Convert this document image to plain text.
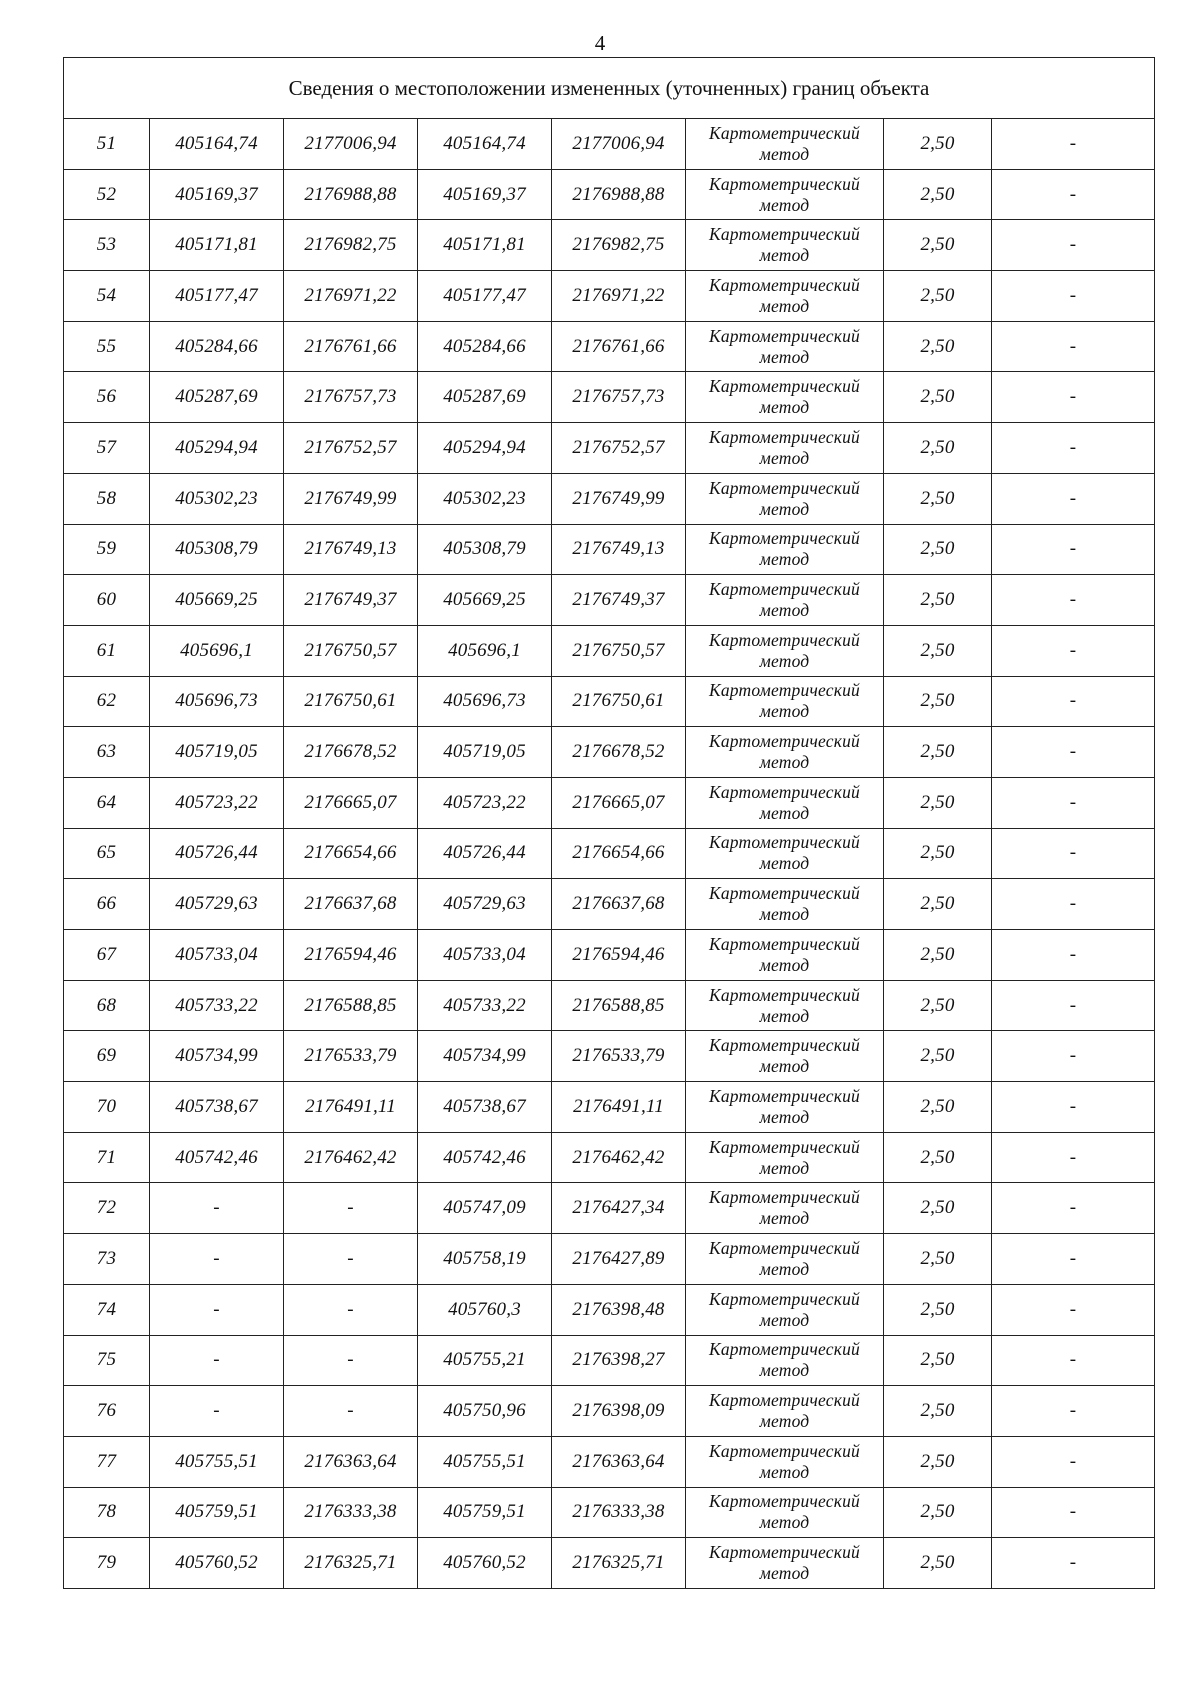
4
Сведения о местоположении измененных (уточненных) границ объекта							
51	405164,74	2177006,94	405164,74	2177006,94	Картометрический
метод	2,50	-
52	405169,37	2176988,88	405169,37	2176988,88	Картометрический
метод	2,50	-
53	405171,81	2176982,75	405171,81	2176982,75	Картометрический
метод	2,50	-
54	405177,47	2176971,22	405177,47	2176971,22	Картометрический
метод	2,50	-
55	405284,66	2176761,66	405284,66	2176761,66	Картометрический
метод	2,50	-
56	405287,69	2176757,73	405287,69	2176757,73	Картометрический
метод	2,50	-
57	405294,94	2176752,57	405294,94	2176752,57	Картометрический
метод	2,50	-
58	405302,23	2176749,99	405302,23	2176749,99	Картометрический
метод	2,50	-
59	405308,79	2176749,13	405308,79	2176749,13	Картометрический
метод	2,50	-
60	405669,25	2176749,37	405669,25	2176749,37	Картометрический
метод	2,50	-
61	405696,1	2176750,57	405696,1	2176750,57	Картометрический
метод	2,50	-
62	405696,73	2176750,61	405696,73	2176750,61	Картометрический
метод	2,50	-
63	405719,05	2176678,52	405719,05	2176678,52	Картометрический
метод	2,50	-
64	405723,22	2176665,07	405723,22	2176665,07	Картометрический
метод	2,50	-
65	405726,44	2176654,66	405726,44	2176654,66	Картометрический
метод	2,50	-
66	405729,63	2176637,68	405729,63	2176637,68	Картометрический
метод	2,50	-
67	405733,04	2176594,46	405733,04	2176594,46	Картометрический
метод	2,50	-
68	405733,22	2176588,85	405733,22	2176588,85	Картометрический
метод	2,50	-
69	405734,99	2176533,79	405734,99	2176533,79	Картометрический
метод	2,50	-
70	405738,67	2176491,11	405738,67	2176491,11	Картометрический
метод	2,50	-
71	405742,46	2176462,42	405742,46	2176462,42	Картометрический
метод	2,50	-
72	-	-	405747,09	2176427,34	Картометрический
метод	2,50	-
73	-	-	405758,19	2176427,89	Картометрический
метод	2,50	-
74	-	-	405760,3	2176398,48	Картометрический
метод	2,50	-
75	-	-	405755,21	2176398,27	Картометрический
метод	2,50	-
76	-	-	405750,96	2176398,09	Картометрический
метод	2,50	-
77	405755,51	2176363,64	405755,51	2176363,64	Картометрический
метод	2,50	-
78	405759,51	2176333,38	405759,51	2176333,38	Картометрический
метод	2,50	-
79	405760,52	2176325,71	405760,52	2176325,71	Картометрический
метод	2,50	-
